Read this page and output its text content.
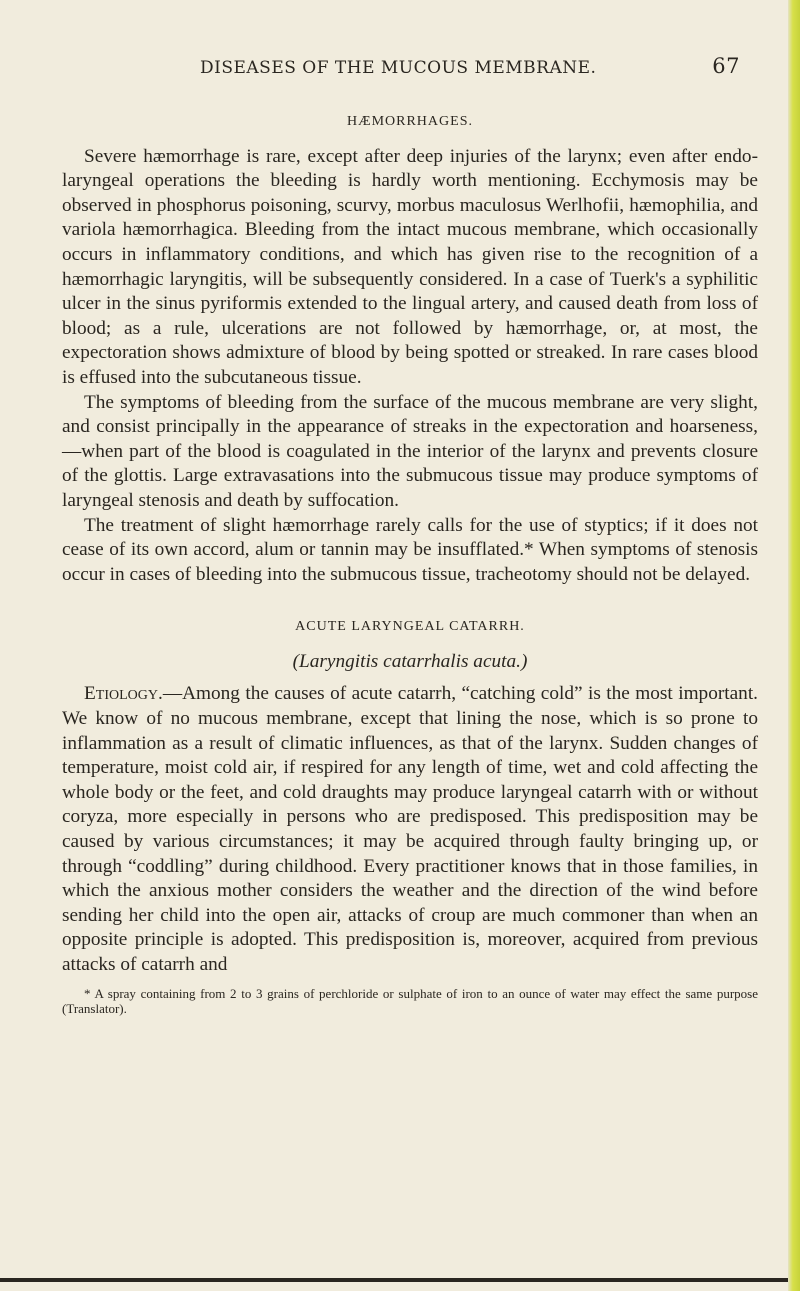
DISEASES OF THE MUCOUS MEMBRANE.	67
HÆMORRHAGES.

Severe hæmorrhage is rare, except after deep injuries of the larynx; even after endo-laryngeal operations the bleeding is hardly worth mentioning. Ecchymosis may be observed in phosphorus poisoning, scurvy, morbus maculosus Werlhofii, hæmophilia, and variola hæmorrhagica. Bleeding from the intact mucous membrane, which occasionally occurs in inflammatory conditions, and which has given rise to the recognition of a hæmorrhagic laryngitis, will be subsequently considered. In a case of Tuerk's a syphilitic ulcer in the sinus pyriformis extended to the lingual artery, and caused death from loss of blood; as a rule, ulcerations are not followed by hæmorrhage, or, at most, the expectoration shows admixture of blood by being spotted or streaked. In rare cases blood is effused into the subcutaneous tissue.

The symptoms of bleeding from the surface of the mucous membrane are very slight, and consist principally in the appearance of streaks in the expectoration and hoarseness,—when part of the blood is coagulated in the interior of the larynx and prevents closure of the glottis. Large extravasations into the submucous tissue may produce symptoms of laryngeal stenosis and death by suffocation.

The treatment of slight hæmorrhage rarely calls for the use of styptics; if it does not cease of its own accord, alum or tannin may be insufflated.* When symptoms of stenosis occur in cases of bleeding into the submucous tissue, tracheotomy should not be delayed.

ACUTE LARYNGEAL CATARRH.
(Laryngitis catarrhalis acuta.)

Etiology.—Among the causes of acute catarrh, “catching cold” is the most important. We know of no mucous membrane, except that lining the nose, which is so prone to inflammation as a result of climatic influences, as that of the larynx. Sudden changes of temperature, moist cold air, if respired for any length of time, wet and cold affecting the whole body or the feet, and cold draughts may produce laryngeal catarrh with or without coryza, more especially in persons who are predisposed. This predisposition may be caused by various circumstances; it may be acquired through faulty bringing up, or through “coddling” during childhood. Every practitioner knows that in those families, in which the anxious mother considers the weather and the direction of the wind before sending her child into the open air, attacks of croup are much commoner than when an opposite principle is adopted. This predisposition is, moreover, acquired from previous attacks of catarrh and

* A spray containing from 2 to 3 grains of perchloride or sulphate of iron to an ounce of water may effect the same purpose (Translator).
